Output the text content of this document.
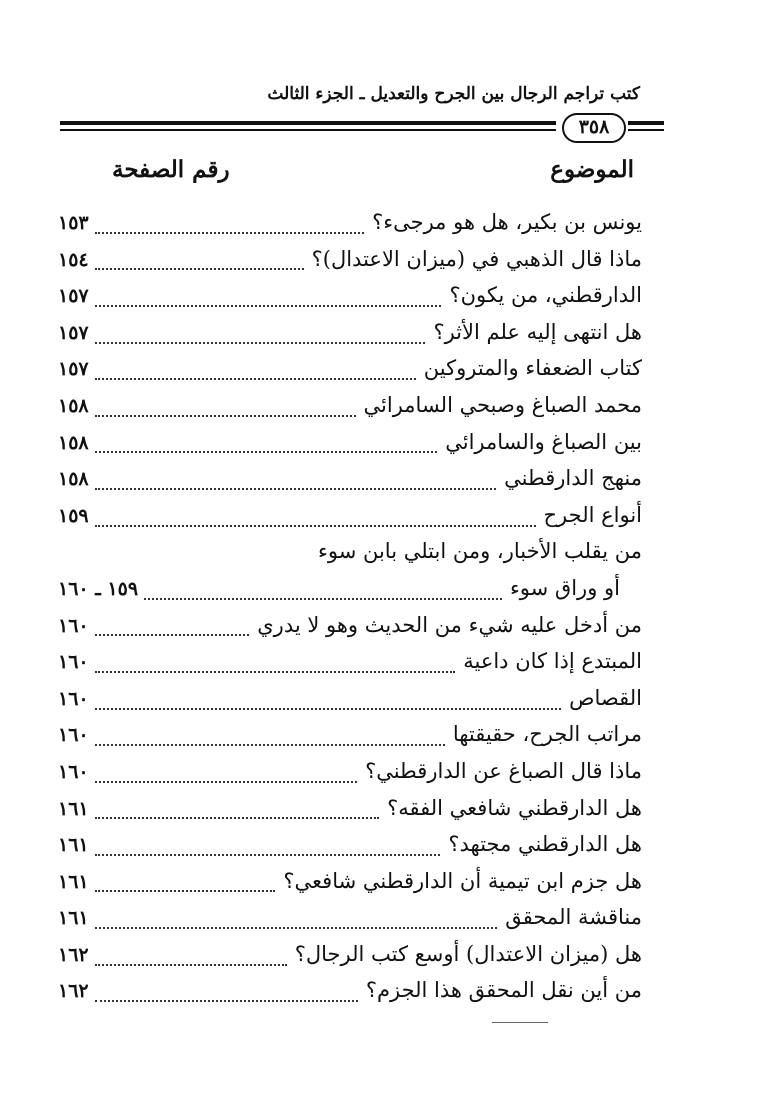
كتب تراجم الرجال بين الجرح والتعديل ـ الجزء الثالث
٣٥٨
الموضوع
رقم الصفحة
١٥٣	يونس بن بكير، هل هو مرجىء؟
١٥٤	ماذا قال الذهبي في (ميزان الاعتدال)؟
١٥٧	الدارقطني، من يكون؟
١٥٧	هل انتهى إليه علم الأثر؟
١٥٧	كتاب الضعفاء والمتروكين
١٥٨	محمد الصباغ وصبحي السامرائي
١٥٨	بين الصباغ والسامرائي
١٥٨	منهج الدارقطني
١٥٩	أنواع الجرح
من يقلب الأخبار، ومن ابتلي بابن سوء
١٥٩ ـ ١٦٠	أو وراق سوء
١٦٠	من أدخل عليه شيء من الحديث وهو لا يدري
١٦٠	المبتدع إذا كان داعية
١٦٠	القصاص
١٦٠	مراتب الجرح، حقيقتها
١٦٠	ماذا قال الصباغ عن الدارقطني؟
١٦١	هل الدارقطني شافعي الفقه؟
١٦١	هل الدارقطني مجتهد؟
١٦١	هل جزم ابن تيمية أن الدارقطني شافعي؟
١٦١	مناقشة المحقق
١٦٢	هل (ميزان الاعتدال) أوسع كتب الرجال؟
١٦٢	من أين نقل المحقق هذا الجزم؟
